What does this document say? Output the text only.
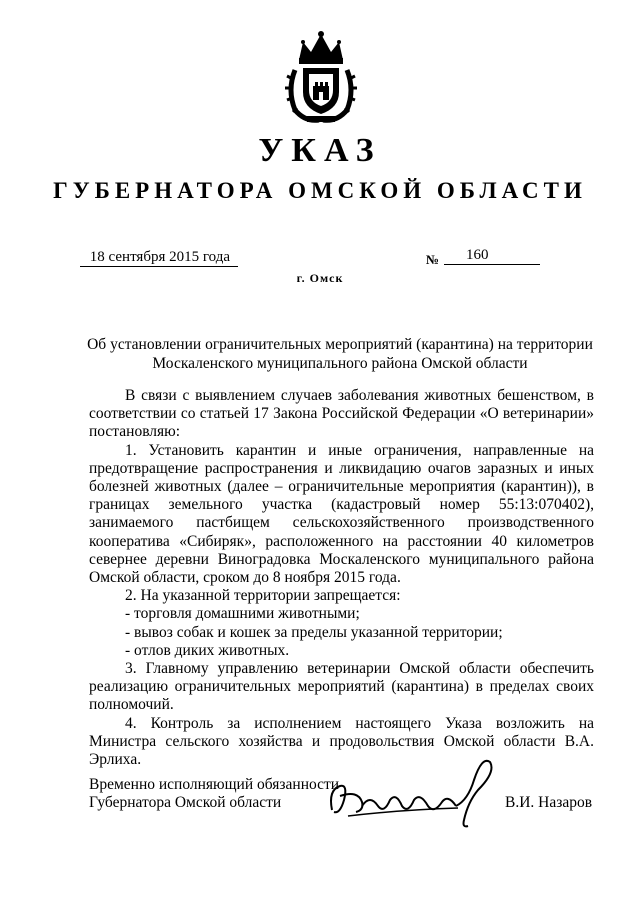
УКАЗ
ГУБЕРНАТОРА ОМСКОЙ ОБЛАСТИ
18 сентября 2015 года	№	160
г. Омск

Об установлении ограничительных мероприятий (карантина) на территории Москаленского муниципального района Омской области

В связи с выявлением случаев заболевания животных бешенством, в соответствии со статьей 17 Закона Российской Федерации «О ветеринарии» постановляю:

1. Установить карантин и иные ограничения, направленные на предотвращение распространения и ликвидацию очагов заразных и иных болезней животных (далее – ограничительные мероприятия (карантин)), в границах земельного участка (кадастровый номер 55:13:070402), занимаемого пастбищем сельскохозяйственного производственного кооператива «Сибиряк», расположенного на расстоянии 40 километров севернее деревни Виноградовка Москаленского муниципального района Омской области, сроком до 8 ноября 2015 года.

2. На указанной территории запрещается:

- торговля домашними животными;

- вывоз собак и кошек за пределы указанной территории;

- отлов диких животных.

3. Главному управлению ветеринарии Омской области обеспечить реализацию ограничительных мероприятий (карантина) в пределах своих полномочий.

4. Контроль за исполнением настоящего Указа возложить на Министра сельского хозяйства и продовольствия Омской области В.А. Эрлиха.

Временно исполняющий обязанности
Губернатора Омской области	В.И. Назаров
